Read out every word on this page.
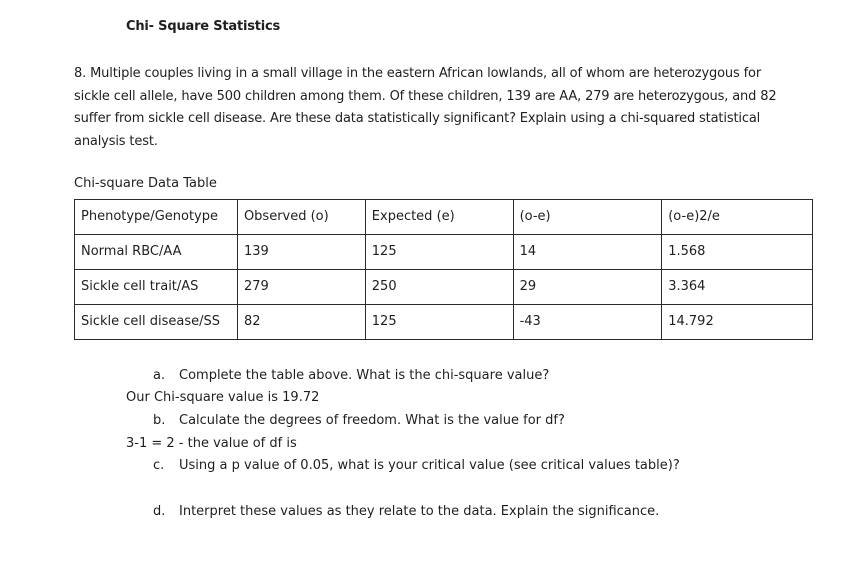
Chi- Square Statistics
8. Multiple couples living in a small village in the eastern African lowlands, all of whom are heterozygous for sickle cell allele, have 500 children among them. Of these children, 139 are AA, 279 are heterozygous, and 82 suffer from sickle cell disease. Are these data statistically significant? Explain using a chi-squared statistical analysis test.
Chi-square Data Table
Phenotype/Genotype	Observed (o)	Expected (e)	(o-e)	(o-e)2/e
Normal RBC/AA	139	125	14	1.568
Sickle cell trait/AS	279	250	29	3.364
Sickle cell disease/SS	82	125	-43	14.792
a. Complete the table above. What is the chi-square value?
Our Chi-square value is 19.72
b. Calculate the degrees of freedom. What is the value for df?
3-1 = 2 - the value of df is
c. Using a p value of 0.05, what is your critical value (see critical values table)?
d. Interpret these values as they relate to the data. Explain the significance.
